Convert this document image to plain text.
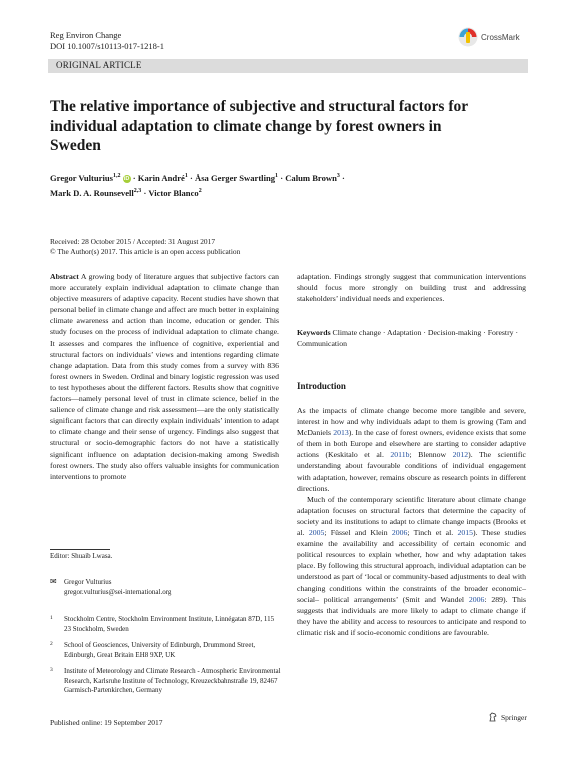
Reg Environ Change
DOI 10.1007/s10113-017-1218-1
CrossMark
ORIGINAL ARTICLE
The relative importance of subjective and structural factors for individual adaptation to climate change by forest owners in Sweden
Gregor Vulturius$^{1,2}$ iD · Karin André$^1$ · Åsa Gerger Swartling$^1$ · Calum Brown$^3$ ·
Mark D. A. Rounsevell$^{2,3}$ · Victor Blanco$^2$
Received: 28 October 2015 / Accepted: 31 August 2017
© The Author(s) 2017. This article is an open access publication
Abstract A growing body of literature argues that subjective factors can more accurately explain individual adaptation to climate change than objective measurers of adaptive capacity. Recent studies have shown that personal belief in climate change and affect are much better in explaining climate awareness and action than income, education or gender. This study focuses on the process of individual adaptation to climate change. It assesses and compares the influence of cognitive, experiential and structural factors on individuals’ views and intentions regarding climate change adaptation. Data from this study comes from a survey with 836 forest owners in Sweden. Ordinal and binary logistic regression was used to test hypotheses about the different factors. Results show that cognitive factors—namely personal level of trust in climate science, belief in the salience of climate change and risk assessment—are the only statistically significant factors that can directly explain individuals’ intention to adapt to climate change and their sense of urgency. Findings also suggest that structural or socio-demographic factors do not have a statistically significant influence on adaptation decision-making among Swedish forest owners. The study also offers valuable insights for communication interventions to promote
adaptation. Findings strongly suggest that communication interventions should focus more strongly on building trust and addressing stakeholders’ individual needs and experiences.
Keywords Climate change · Adaptation · Decision-making · Forestry · Communication
Introduction

As the impacts of climate change become more tangible and severe, interest in how and why individuals adapt to them is growing (Tam and McDaniels 2013). In the case of forest owners, evidence exists that some of them in both Europe and elsewhere are starting to consider adaptive actions (Keskitalo et al. 2011b; Blennow 2012). The scientific understanding about favourable conditions of individual engagement with adaptation, however, remains obscure as research points in different directions.

Much of the contemporary scientific literature about climate change adaptation focuses on structural factors that determine the capacity of society and its institutions to adapt to climate change impacts (Brooks et al. 2005; Füssel and Klein 2006; Tinch et al. 2015). These studies examine the availability and accessibility of certain economic and political resources to explain whether, how and why adaptation takes place. By following this structural approach, individual adaptation can be understood as part of ‘local or community-based adjustments to deal with changing conditions within the constraints of the broader economic–social– political arrangements’ (Smit and Wandel 2006: 289). This suggests that individuals are more likely to adapt to climate change if they have the ability and access to resources to anticipate and respond to climatic risk and if socio-economic conditions are favourable.

Editor: Shuaib Lwasa.
✉ Gregor Vulturius
gregor.vulturius@sei-international.org
1 Stockholm Centre, Stockholm Environment Institute, Linnégatan 87D, 115 23 Stockholm, Sweden
2 School of Geosciences, University of Edinburgh, Drummond Street, Edinburgh, Great Britain EH8 9XP, UK
3 Institute of Meteorology and Climate Research - Atmospheric Environmental Research, Karlsruhe Institute of Technology, Kreuzeckbahnstraße 19, 82467 Garmisch-Partenkirchen, Germany
Published online: 19 September 2017
Springer
